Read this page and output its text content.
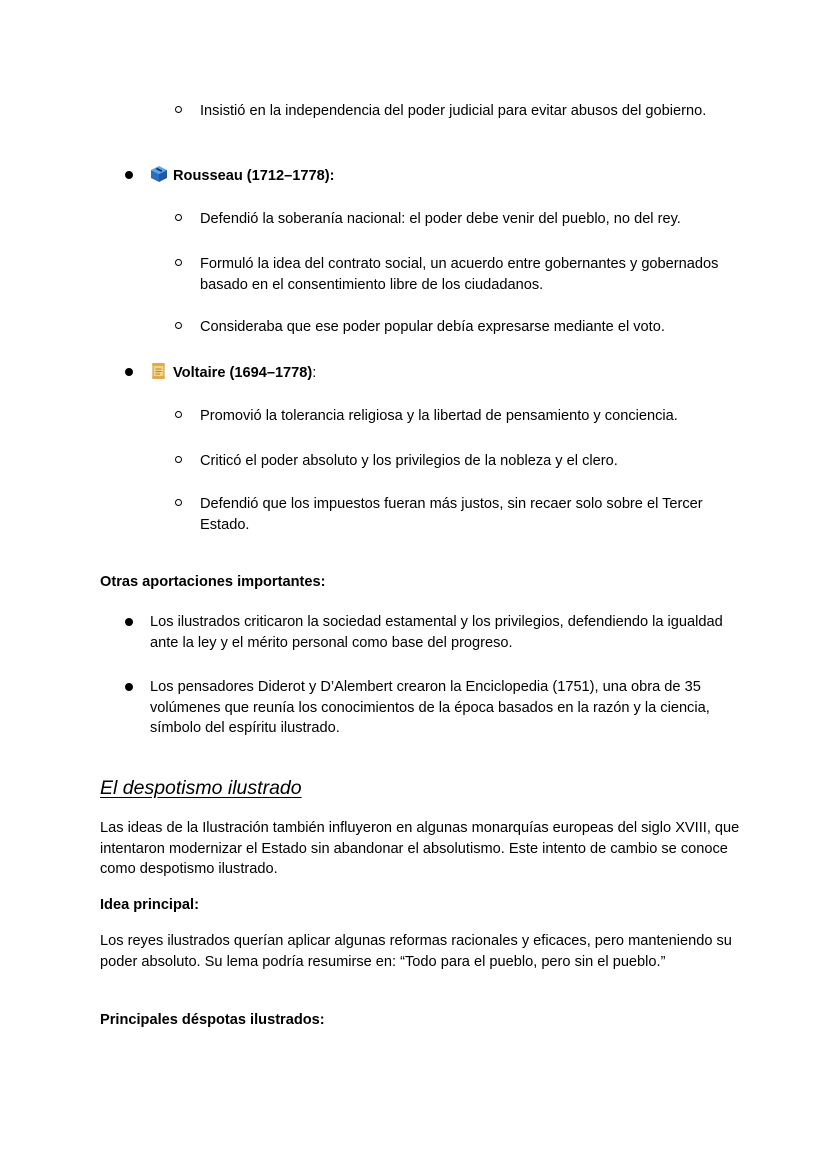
Insistió en la independencia del poder judicial para evitar abusos del gobierno.
Rousseau (1712–1778):
Defendió la soberanía nacional: el poder debe venir del pueblo, no del rey.
Formuló la idea del contrato social, un acuerdo entre gobernantes y gobernados basado en el consentimiento libre de los ciudadanos.
Consideraba que ese poder popular debía expresarse mediante el voto.
Voltaire (1694–1778):
Promovió la tolerancia religiosa y la libertad de pensamiento y conciencia.
Criticó el poder absoluto y los privilegios de la nobleza y el clero.
Defendió que los impuestos fueran más justos, sin recaer solo sobre el Tercer Estado.
Otras aportaciones importantes:
Los ilustrados criticaron la sociedad estamental y los privilegios, defendiendo la igualdad ante la ley y el mérito personal como base del progreso.
Los pensadores Diderot y D’Alembert crearon la Enciclopedia (1751), una obra de 35 volúmenes que reunía los conocimientos de la época basados en la razón y la ciencia, símbolo del espíritu ilustrado.
El despotismo ilustrado
Las ideas de la Ilustración también influyeron en algunas monarquías europeas del siglo XVIII, que intentaron modernizar el Estado sin abandonar el absolutismo. Este intento de cambio se conoce como despotismo ilustrado.
Idea principal:
Los reyes ilustrados querían aplicar algunas reformas racionales y eficaces, pero manteniendo su poder absoluto. Su lema podría resumirse en: “Todo para el pueblo, pero sin el pueblo.”
Principales déspotas ilustrados:
